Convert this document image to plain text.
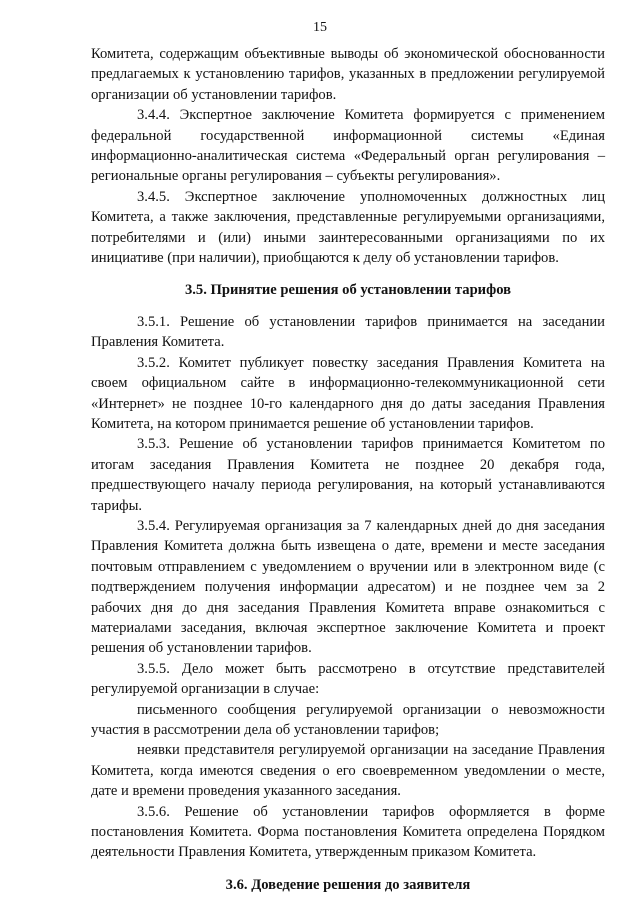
15

Комитета, содержащим объективные выводы об экономической обоснованности предлагаемых к установлению тарифов, указанных в предложении регулируемой организации об установлении тарифов.

3.4.4. Экспертное заключение Комитета формируется с применением федеральной государственной информационной системы «Единая информационно-аналитическая система «Федеральный орган регулирования – региональные органы регулирования – субъекты регулирования».

3.4.5. Экспертное заключение уполномоченных должностных лиц Комитета, а также заключения, представленные регулируемыми организациями, потребителями и (или) иными заинтересованными организациями по их инициативе (при наличии), приобщаются к делу об установлении тарифов.

3.5. Принятие решения об установлении тарифов

3.5.1. Решение об установлении тарифов принимается на заседании Правления Комитета.

3.5.2. Комитет публикует повестку заседания Правления Комитета на своем официальном сайте в информационно-телекоммуникационной сети «Интернет» не позднее 10-го календарного дня до даты заседания Правления Комитета, на котором принимается решение об установлении тарифов.

3.5.3. Решение об установлении тарифов принимается Комитетом по итогам заседания Правления Комитета не позднее 20 декабря года, предшествующего началу периода регулирования, на который устанавливаются тарифы.

3.5.4. Регулируемая организация за 7 календарных дней до дня заседания Правления Комитета должна быть извещена о дате, времени и месте заседания почтовым отправлением с уведомлением о вручении или в электронном виде (с подтверждением получения информации адресатом) и не позднее чем за 2 рабочих дня до дня заседания Правления Комитета вправе ознакомиться с материалами заседания, включая экспертное заключение Комитета и проект решения об установлении тарифов.

3.5.5. Дело может быть рассмотрено в отсутствие представителей регулируемой организации в случае:

письменного сообщения регулируемой организации о невозможности участия в рассмотрении дела об установлении тарифов;

неявки представителя регулируемой организации на заседание Правления Комитета, когда имеются сведения о его своевременном уведомлении о месте, дате и времени проведения указанного заседания.

3.5.6. Решение об установлении тарифов оформляется в форме постановления Комитета. Форма постановления Комитета определена Порядком деятельности Правления Комитета, утвержденным приказом Комитета.

3.6. Доведение решения до заявителя
